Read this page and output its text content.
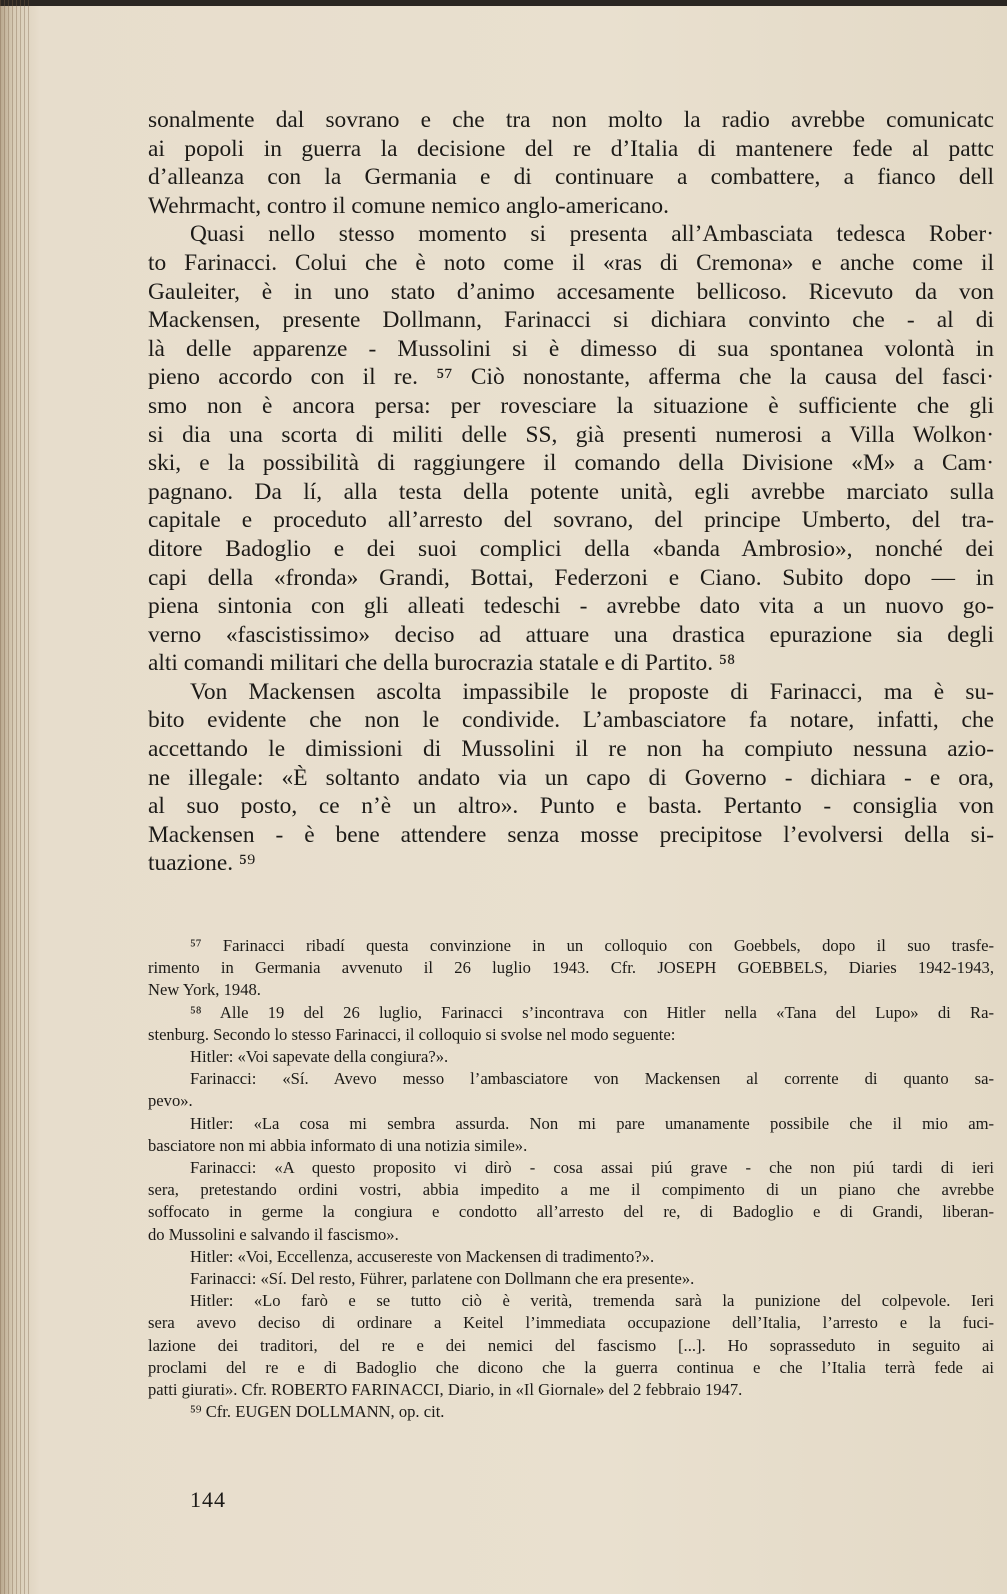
sonalmente dal sovrano e che tra non molto la radio avrebbe comunicatc
ai popoli in guerra la decisione del re d’Italia di mantenere fede al pattc
d’alleanza con la Germania e di continuare a combattere, a fianco dell
Wehrmacht, contro il comune nemico anglo-americano.
Quasi nello stesso momento si presenta all’Ambasciata tedesca Rober·
to Farinacci. Colui che è noto come il «ras di Cremona» e anche come il
Gauleiter, è in uno stato d’animo accesamente bellicoso. Ricevuto da von
Mackensen, presente Dollmann, Farinacci si dichiara convinto che - al di
là delle apparenze - Mussolini si è dimesso di sua spontanea volontà in
pieno accordo con il re. ⁵⁷ Ciò nonostante, afferma che la causa del fasci·
smo non è ancora persa: per rovesciare la situazione è sufficiente che gli
si dia una scorta di militi delle SS, già presenti numerosi a Villa Wolkon·
ski, e la possibilità di raggiungere il comando della Divisione «M» a Cam·
pagnano. Da lí, alla testa della potente unità, egli avrebbe marciato sulla
capitale e proceduto all’arresto del sovrano, del principe Umberto, del tra-
ditore Badoglio e dei suoi complici della «banda Ambrosio», nonché dei
capi della «fronda» Grandi, Bottai, Federzoni e Ciano. Subito dopo — in
piena sintonia con gli alleati tedeschi - avrebbe dato vita a un nuovo go-
verno «fascistissimo» deciso ad attuare una drastica epurazione sia degli
alti comandi militari che della burocrazia statale e di Partito. ⁵⁸
Von Mackensen ascolta impassibile le proposte di Farinacci, ma è su-
bito evidente che non le condivide. L’ambasciatore fa notare, infatti, che
accettando le dimissioni di Mussolini il re non ha compiuto nessuna azio-
ne illegale: «È soltanto andato via un capo di Governo - dichiara - e ora,
al suo posto, ce n’è un altro». Punto e basta. Pertanto - consiglia von
Mackensen - è bene attendere senza mosse precipitose l’evolversi della si-
tuazione. ⁵⁹
⁵⁷ Farinacci ribadí questa convinzione in un colloquio con Goebbels, dopo il suo trasfe-
rimento in Germania avvenuto il 26 luglio 1943. Cfr. JOSEPH GOEBBELS, Diaries 1942-1943,
New York, 1948.
⁵⁸ Alle 19 del 26 luglio, Farinacci s’incontrava con Hitler nella «Tana del Lupo» di Ra-
stenburg. Secondo lo stesso Farinacci, il colloquio si svolse nel modo seguente:
Hitler: «Voi sapevate della congiura?».
Farinacci: «Sí. Avevo messo l’ambasciatore von Mackensen al corrente di quanto sa-
pevo».
Hitler: «La cosa mi sembra assurda. Non mi pare umanamente possibile che il mio am-
basciatore non mi abbia informato di una notizia simile».
Farinacci: «A questo proposito vi dirò - cosa assai piú grave - che non piú tardi di ieri
sera, pretestando ordini vostri, abbia impedito a me il compimento di un piano che avrebbe
soffocato in germe la congiura e condotto all’arresto del re, di Badoglio e di Grandi, liberan-
do Mussolini e salvando il fascismo».
Hitler: «Voi, Eccellenza, accusereste von Mackensen di tradimento?».
Farinacci: «Sí. Del resto, Führer, parlatene con Dollmann che era presente».
Hitler: «Lo farò e se tutto ciò è verità, tremenda sarà la punizione del colpevole. Ieri
sera avevo deciso di ordinare a Keitel l’immediata occupazione dell’Italia, l’arresto e la fuci-
lazione dei traditori, del re e dei nemici del fascismo [...]. Ho soprasseduto in seguito ai
proclami del re e di Badoglio che dicono che la guerra continua e che l’Italia terrà fede ai
patti giurati». Cfr. ROBERTO FARINACCI, Diario, in «Il Giornale» del 2 febbraio 1947.
⁵⁹ Cfr. EUGEN DOLLMANN, op. cit.
144
